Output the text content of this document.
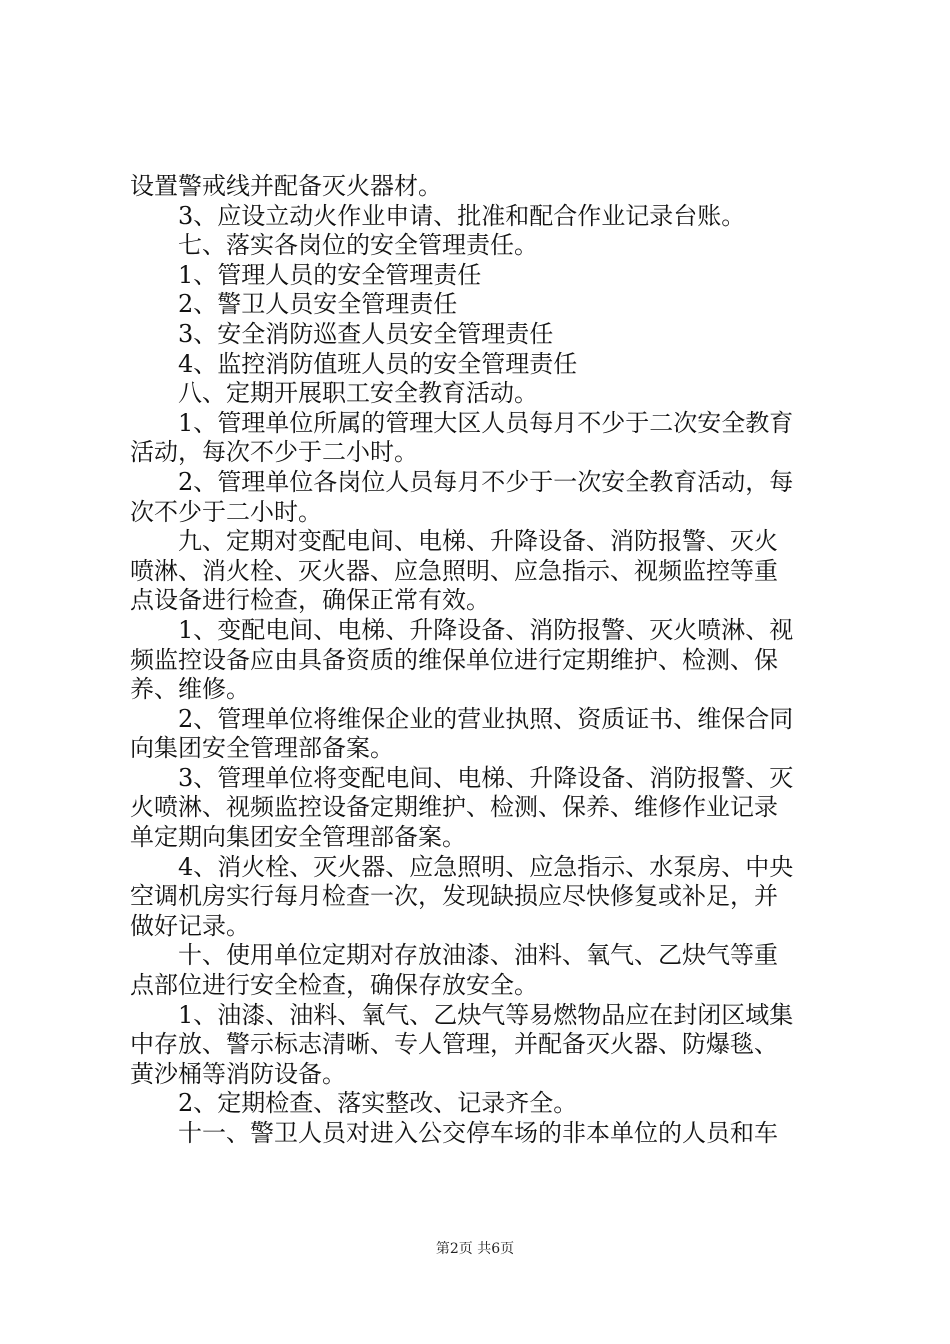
设置警戒线并配备灭火器材。
　　3、应设立动火作业申请、批准和配合作业记录台账。
　　七、落实各岗位的安全管理责任。
　　1、管理人员的安全管理责任
　　2、警卫人员安全管理责任
　　3、安全消防巡查人员安全管理责任
　　4、监控消防值班人员的安全管理责任
　　八、定期开展职工安全教育活动。
　　1、管理单位所属的管理大区人员每月不少于二次安全教育
活动，每次不少于二小时。
　　2、管理单位各岗位人员每月不少于一次安全教育活动，每
次不少于二小时。
　　九、定期对变配电间、电梯、升降设备、消防报警、灭火
喷淋、消火栓、灭火器、应急照明、应急指示、视频监控等重
点设备进行检查，确保正常有效。
　　1、变配电间、电梯、升降设备、消防报警、灭火喷淋、视
频监控设备应由具备资质的维保单位进行定期维护、检测、保
养、维修。
　　2、管理单位将维保企业的营业执照、资质证书、维保合同
向集团安全管理部备案。
　　3、管理单位将变配电间、电梯、升降设备、消防报警、灭
火喷淋、视频监控设备定期维护、检测、保养、维修作业记录
单定期向集团安全管理部备案。
　　4、消火栓、灭火器、应急照明、应急指示、水泵房、中央
空调机房实行每月检查一次，发现缺损应尽快修复或补足，并
做好记录。
　　十、使用单位定期对存放油漆、油料、氧气、乙炔气等重
点部位进行安全检查，确保存放安全。
　　1、油漆、油料、氧气、乙炔气等易燃物品应在封闭区域集
中存放、警示标志清晰、专人管理，并配备灭火器、防爆毯、
黄沙桶等消防设备。
　　2、定期检查、落实整改、记录齐全。
　　十一、警卫人员对进入公交停车场的非本单位的人员和车
第2页 共6页
